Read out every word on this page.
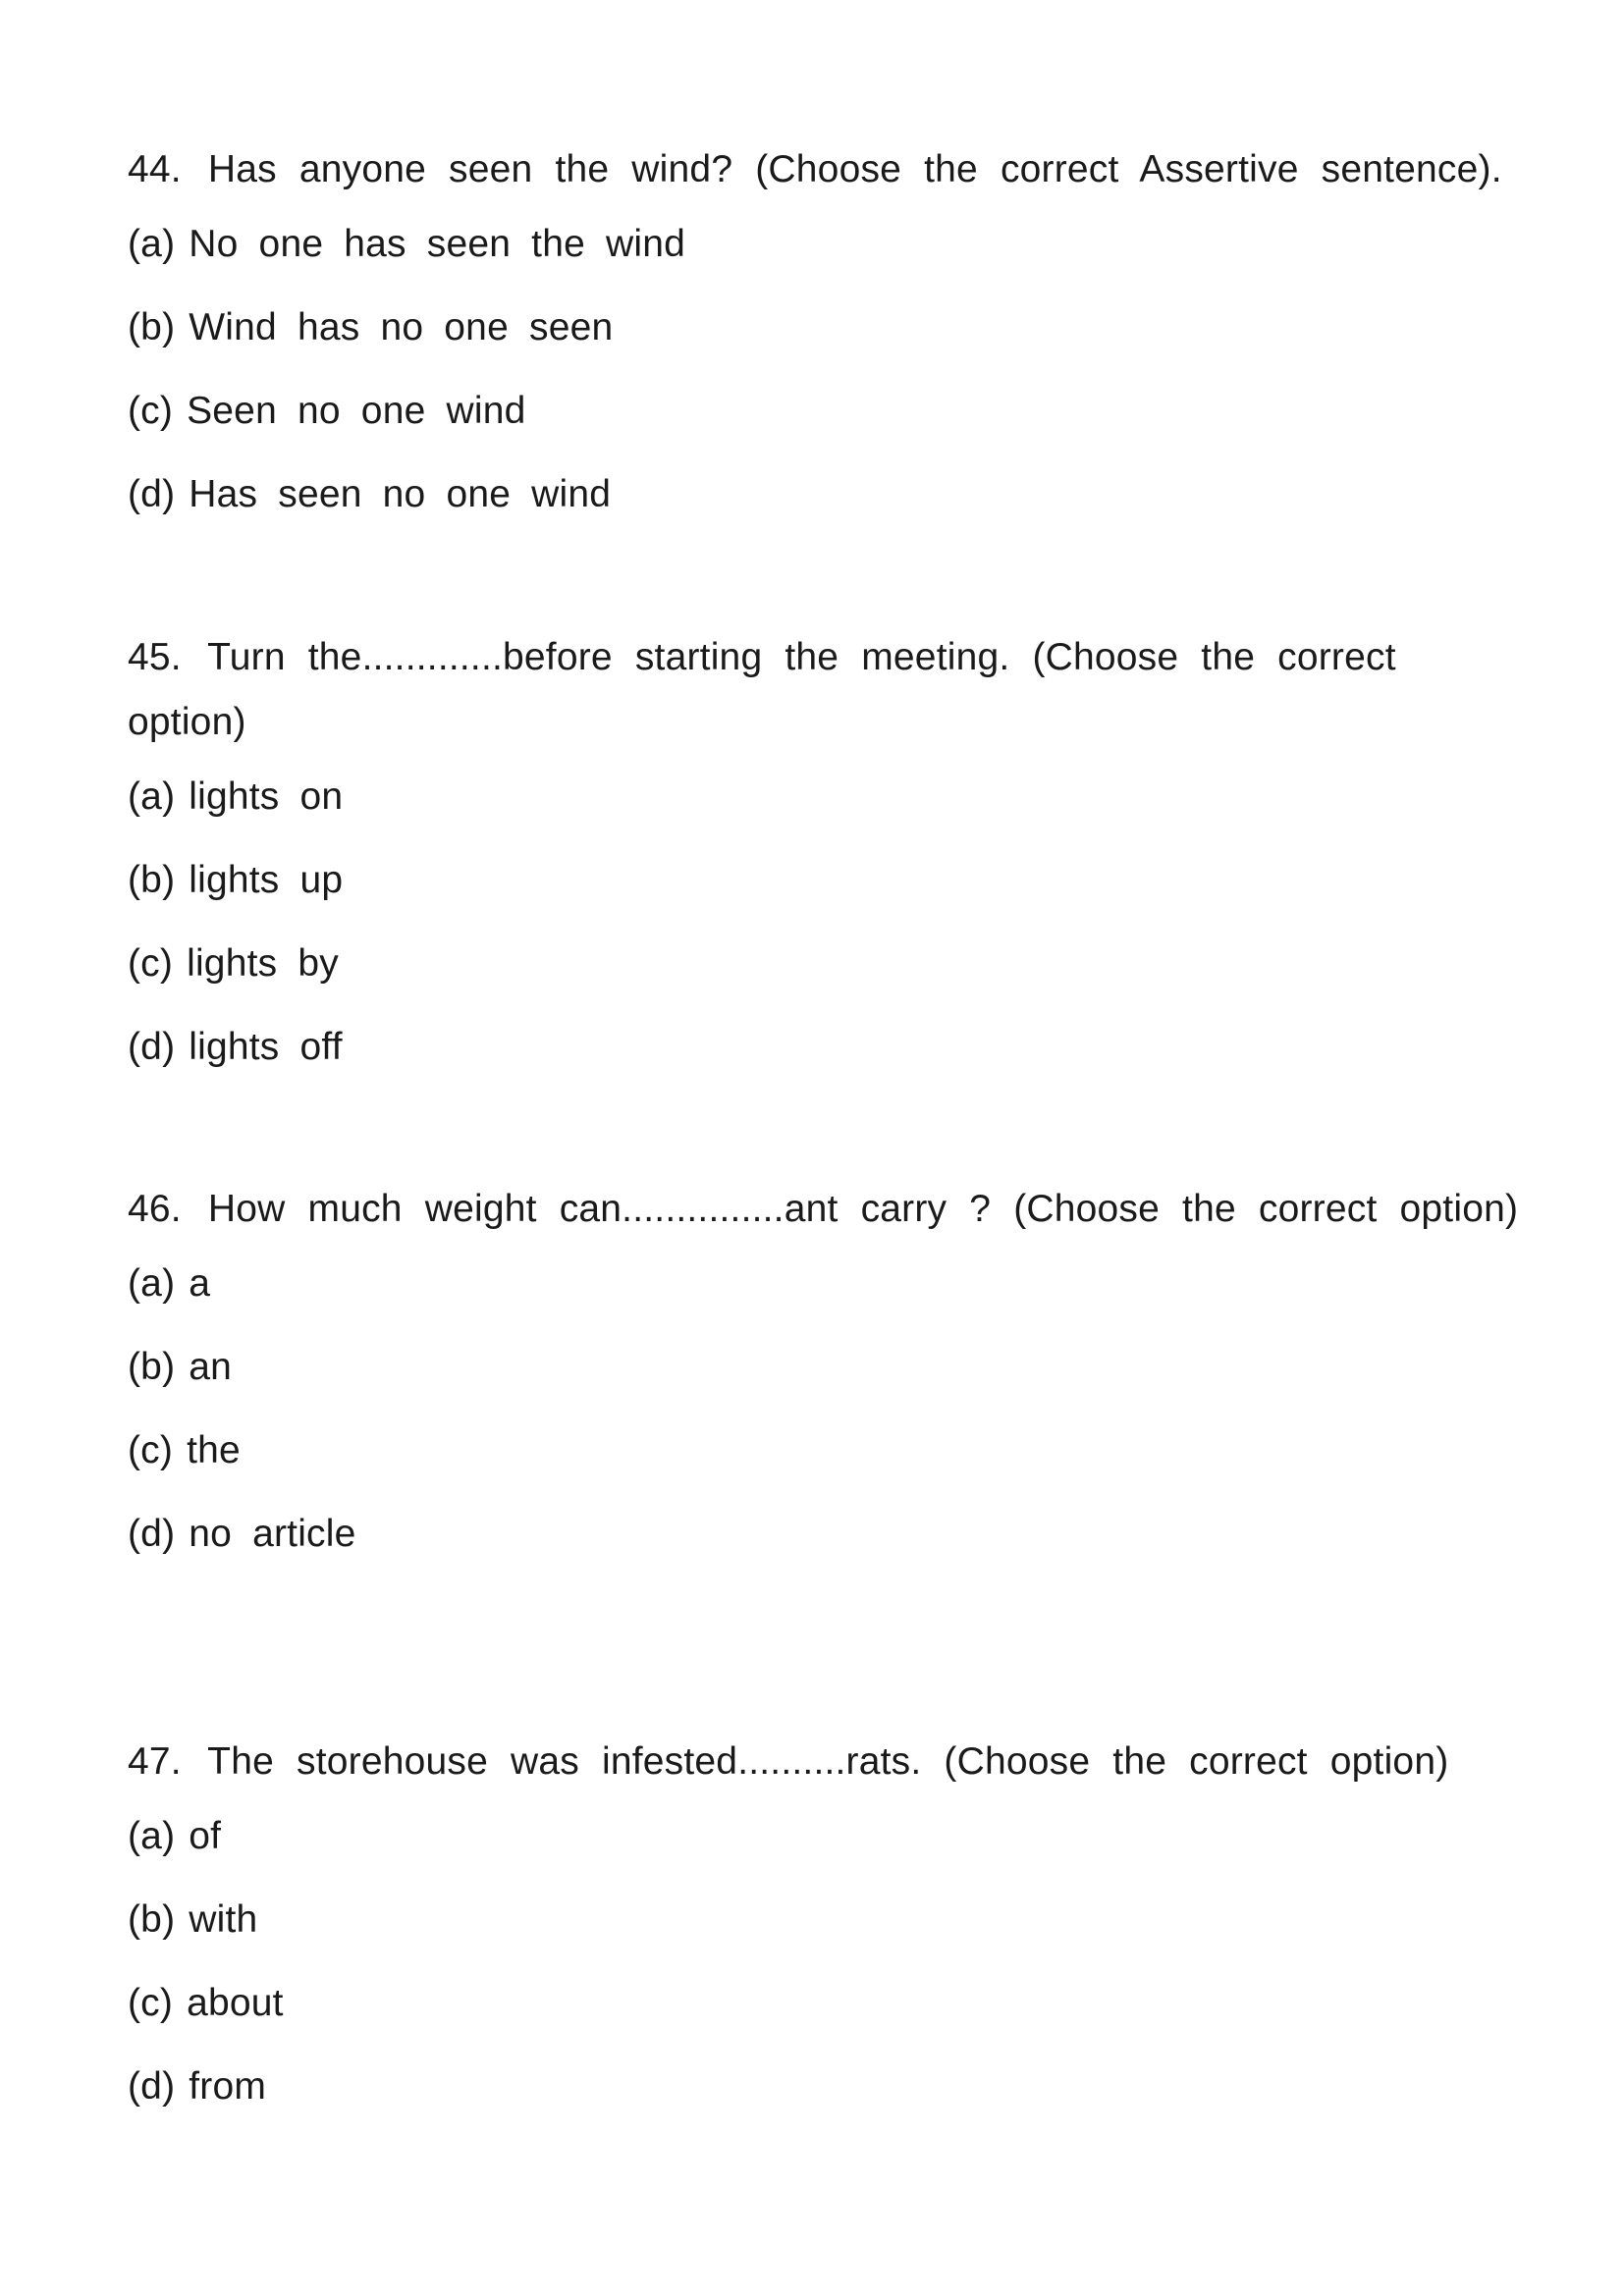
44. Has anyone seen the wind? (Choose the correct Assertive sentence).

(a) No one has seen the wind
(b) Wind has no one seen
(c) Seen no one wind
(d) Has seen no one wind

45. Turn the.............before starting the meeting. (Choose the correct option)

(a) lights on
(b) lights up
(c) lights by
(d) lights off

46. How much weight can...............ant carry ? (Choose the correct option)

(a) a
(b) an
(c) the
(d) no article

47. The storehouse was infested..........rats. (Choose the correct option)

(a) of
(b) with
(c) about
(d) from
